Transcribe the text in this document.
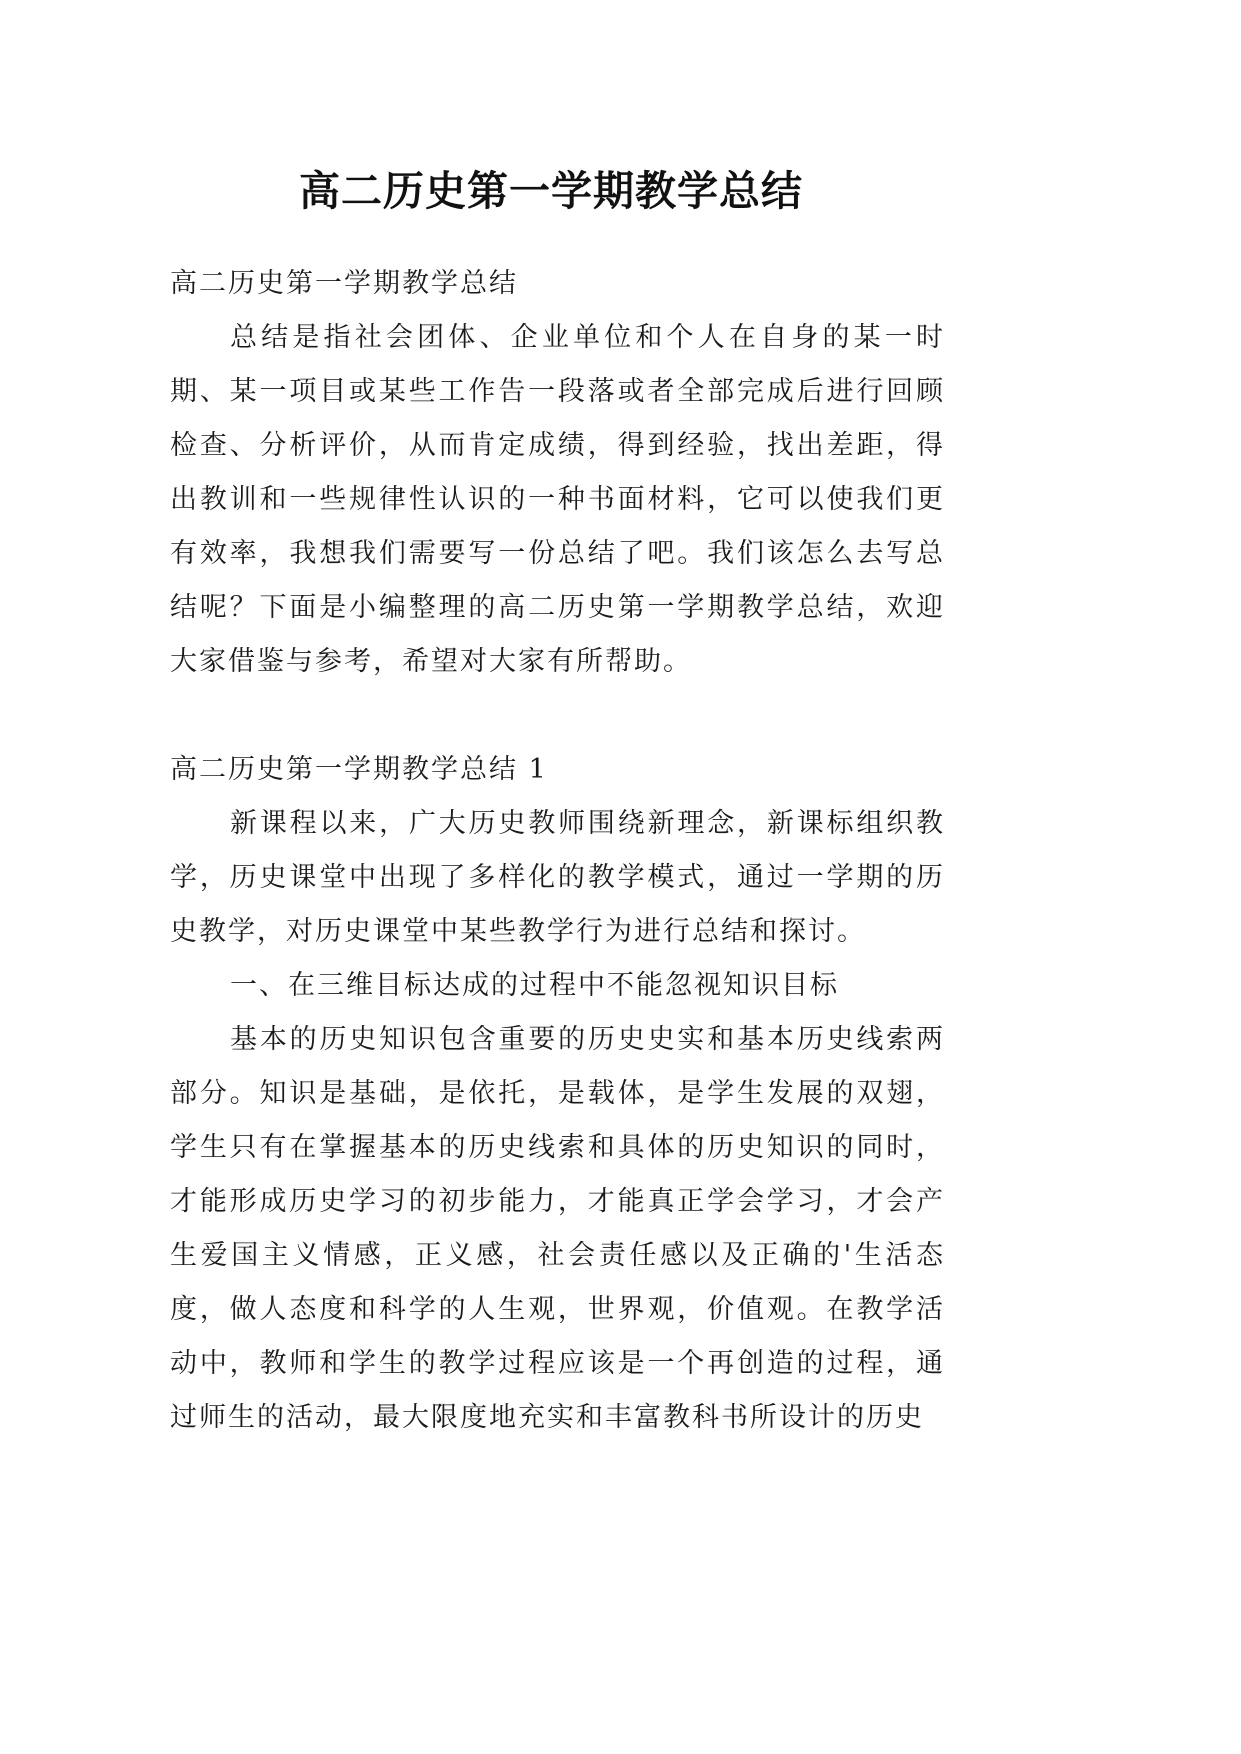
高二历史第一学期教学总结

高二历史第一学期教学总结

总结是指社会团体、企业单位和个人在自身的某一时期、某一项目或某些工作告一段落或者全部完成后进行回顾检查、分析评价，从而肯定成绩，得到经验，找出差距，得出教训和一些规律性认识的一种书面材料，它可以使我们更有效率，我想我们需要写一份总结了吧。我们该怎么去写总结呢？下面是小编整理的高二历史第一学期教学总结，欢迎大家借鉴与参考，希望对大家有所帮助。

高二历史第一学期教学总结 1

新课程以来，广大历史教师围绕新理念，新课标组织教学，历史课堂中出现了多样化的教学模式，通过一学期的历史教学，对历史课堂中某些教学行为进行总结和探讨。

一、在三维目标达成的过程中不能忽视知识目标

基本的历史知识包含重要的历史史实和基本历史线索两部分。知识是基础，是依托，是载体，是学生发展的双翅，学生只有在掌握基本的历史线索和具体的历史知识的同时，才能形成历史学习的初步能力，才能真正学会学习，才会产生爱国主义情感，正义感，社会责任感以及正确的'生活态度，做人态度和科学的人生观，世界观，价值观。在教学活动中，教师和学生的教学过程应该是一个再创造的过程，通过师生的活动，最大限度地充实和丰富教科书所设计的历史
